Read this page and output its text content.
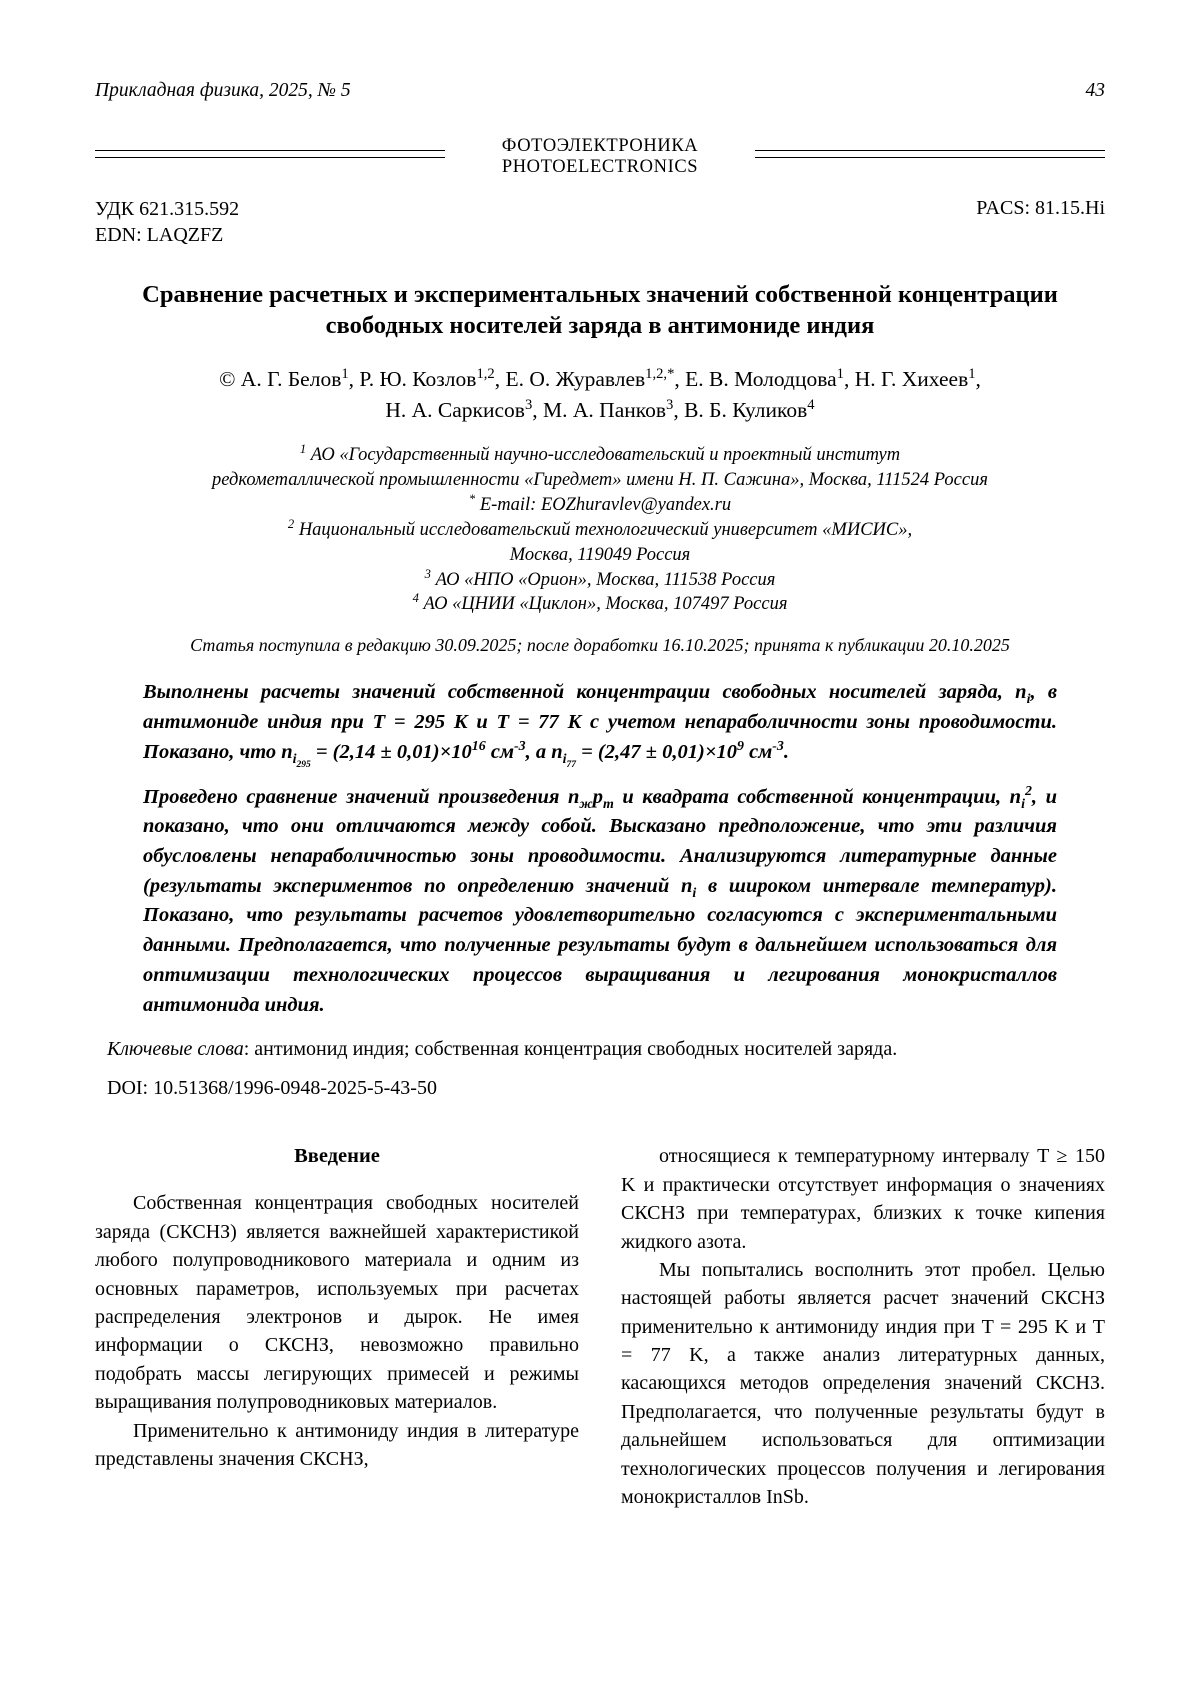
Прикладная физика, 2025, № 5	43
ФОТОЭЛЕКТРОНИКА
PHOTOELECTRONICS
УДК 621.315.592
EDN: LAQZFZ
PACS: 81.15.Hi
Сравнение расчетных и экспериментальных значений собственной концентрации свободных носителей заряда в антимониде индия
© А. Г. Белов$^1$, Р. Ю. Козлов$^{1,2}$, Е. О. Журавлев$^{1,2,*}$, Е. В. Молодцова$^1$, Н. Г. Хихеев$^1$,
Н. А. Саркисов$^3$, М. А. Панков$^3$, В. Б. Куликов$^4$

$^1$ АО «Государственный научно-исследовательский и проектный институт

редкометаллической промышленности «Гиредмет» имени Н. П. Сажина», Москва, 111524 Россия

* E-mail: EOZhuravlev@yandex.ru

$^2$ Национальный исследовательский технологический университет «МИСИС»,

Москва, 119049 Россия

$^3$ АО «НПО «Орион», Москва, 111538 Россия

$^4$ АО «ЦНИИ «Циклон», Москва, 107497 Россия

Статья поступила в редакцию 30.09.2025; после доработки 16.10.2025; принята к публикации 20.10.2025

Выполнены расчеты значений собственной концентрации свободных носителей заряда, $n_i$, в антимониде индия при T = 295 K и T = 77 K с учетом непараболичности зоны проводимости. Показано, что $n_{i_{295}} = (2,14 \pm 0,01)\times 10^{16}$ $см^{-3}$, а $n_{i_{77}} = (2,47 \pm 0,01)\times 10^9$ $см^{-3}$.

Проведено сравнение значений произведения $n_жр_т$ и квадрата собственной концентрации, $n_i^2$, и показано, что они отличаются между собой. Высказано предположение, что эти различия обусловлены непараболичностью зоны проводимости. Анализируются литературные данные (результаты экспериментов по определению значений $n_i$ в широком интервале температур). Показано, что результаты расчетов удовлетворительно согласуются с экспериментальными данными. Предполагается, что полученные результаты будут в дальнейшем использоваться для оптимизации технологических процессов выращивания и легирования монокристаллов антимонида индия.

Ключевые слова: антимонид индия; собственная концентрация свободных носителей заряда.
DOI: 10.51368/1996-0948-2025-5-43-50
Введение

Собственная концентрация свободных носителей заряда (СКСНЗ) является важнейшей характеристикой любого полупроводникового материала и одним из основных параметров, используемых при расчетах распределения электронов и дырок. Не имея информации о СКСНЗ, невозможно правильно подобрать массы легирующих примесей и режимы выращивания полупроводниковых материалов.

Применительно к антимониду индия в литературе представлены значения СКСНЗ,

относящиеся к температурному интервалу T ≥ 150 K и практически отсутствует информация о значениях СКСНЗ при температурах, близких к точке кипения жидкого азота.

Мы попытались восполнить этот пробел. Целью настоящей работы является расчет значений СКСНЗ применительно к антимониду индия при T = 295 K и T = 77 K, а также анализ литературных данных, касающихся методов определения значений СКСНЗ. Предполагается, что полученные результаты будут в дальнейшем использоваться для оптимизации технологических процессов получения и легирования монокристаллов InSb.
